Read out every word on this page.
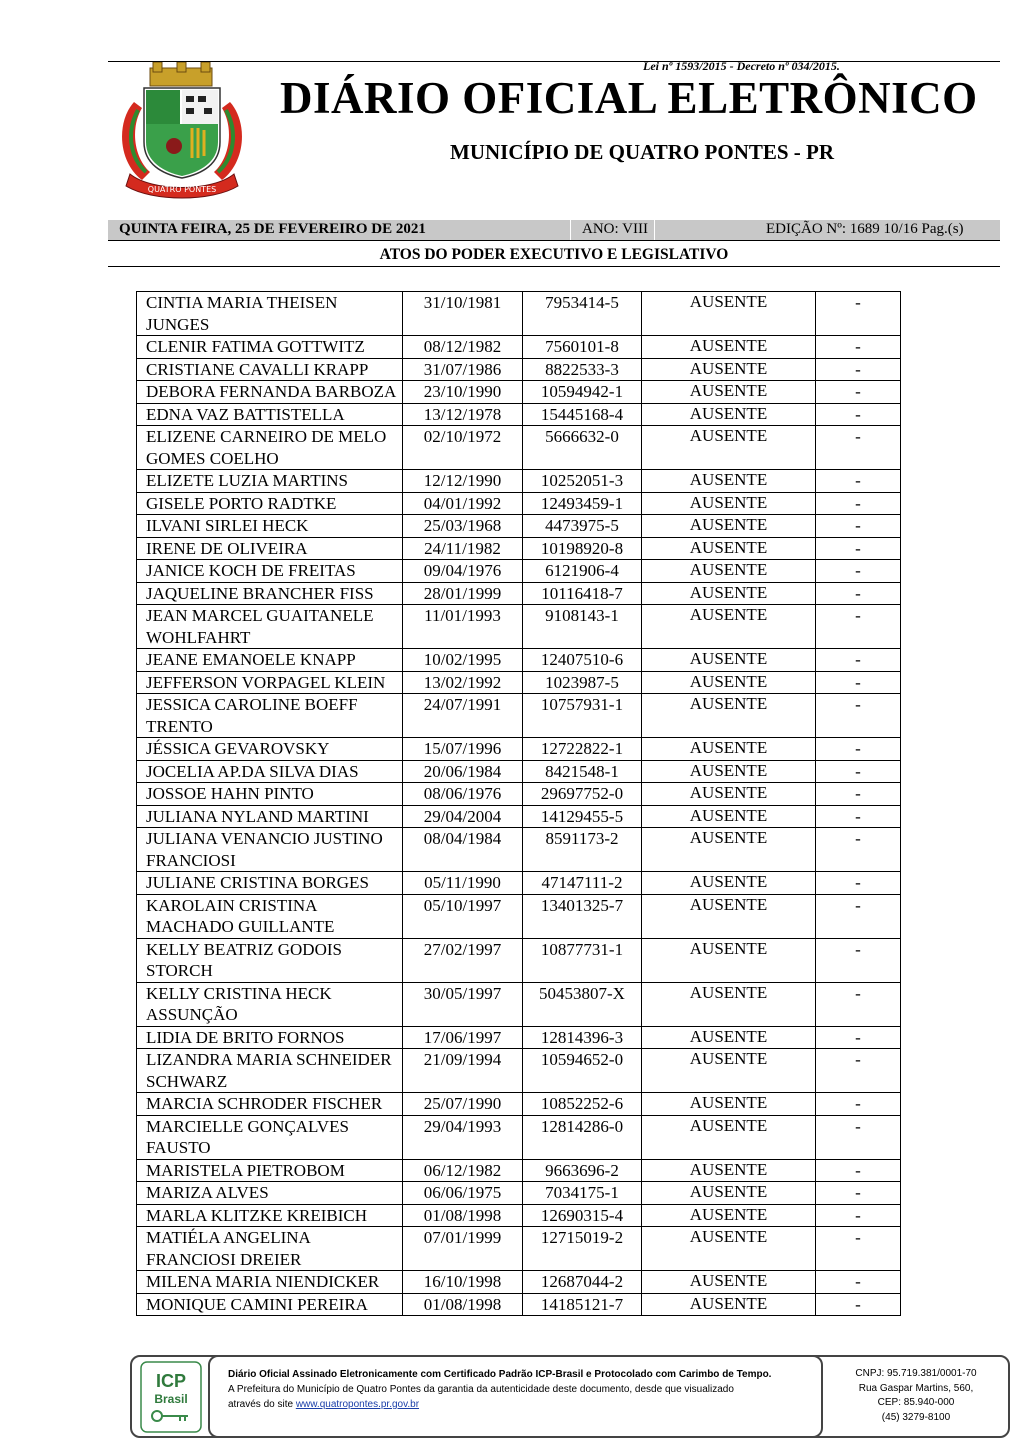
Lei nº 1593/2015 - Decreto nº 034/2015.
QUATRO PONTES
DIÁRIO OFICIAL ELETRÔNICO
MUNICÍPIO DE QUATRO PONTES - PR
QUINTA FEIRA, 25 DE FEVEREIRO DE 2021	ANO: VIII	EDIÇÃO Nº: 1689 10/16 Pag.(s)
ATOS DO PODER EXECUTIVO E LEGISLATIVO
CINTIA MARIA THEISEN JUNGES	31/10/1981	7953414-5	AUSENTE	-
CLENIR FATIMA GOTTWITZ	08/12/1982	7560101-8	AUSENTE	-
CRISTIANE CAVALLI KRAPP	31/07/1986	8822533-3	AUSENTE	-
DEBORA FERNANDA BARBOZA	23/10/1990	10594942-1	AUSENTE	-
EDNA VAZ BATTISTELLA	13/12/1978	15445168-4	AUSENTE	-
ELIZENE CARNEIRO DE MELO GOMES COELHO	02/10/1972	5666632-0	AUSENTE	-
ELIZETE LUZIA MARTINS	12/12/1990	10252051-3	AUSENTE	-
GISELE PORTO RADTKE	04/01/1992	12493459-1	AUSENTE	-
ILVANI SIRLEI HECK	25/03/1968	4473975-5	AUSENTE	-
IRENE DE OLIVEIRA	24/11/1982	10198920-8	AUSENTE	-
JANICE KOCH DE FREITAS	09/04/1976	6121906-4	AUSENTE	-
JAQUELINE BRANCHER FISS	28/01/1999	10116418-7	AUSENTE	-
JEAN MARCEL GUAITANELE WOHLFAHRT	11/01/1993	9108143-1	AUSENTE	-
JEANE EMANOELE KNAPP	10/02/1995	12407510-6	AUSENTE	-
JEFFERSON VORPAGEL KLEIN	13/02/1992	1023987-5	AUSENTE	-
JESSICA CAROLINE BOEFF TRENTO	24/07/1991	10757931-1	AUSENTE	-
JÉSSICA GEVAROVSKY	15/07/1996	12722822-1	AUSENTE	-
JOCELIA AP.DA SILVA DIAS	20/06/1984	8421548-1	AUSENTE	-
JOSSOE HAHN PINTO	08/06/1976	29697752-0	AUSENTE	-
JULIANA NYLAND MARTINI	29/04/2004	14129455-5	AUSENTE	-
JULIANA VENANCIO JUSTINO FRANCIOSI	08/04/1984	8591173-2	AUSENTE	-
JULIANE CRISTINA BORGES	05/11/1990	47147111-2	AUSENTE	-
KAROLAIN CRISTINA MACHADO GUILLANTE	05/10/1997	13401325-7	AUSENTE	-
KELLY BEATRIZ GODOIS STORCH	27/02/1997	10877731-1	AUSENTE	-
KELLY CRISTINA HECK ASSUNÇÃO	30/05/1997	50453807-X	AUSENTE	-
LIDIA DE BRITO FORNOS	17/06/1997	12814396-3	AUSENTE	-
LIZANDRA MARIA SCHNEIDER SCHWARZ	21/09/1994	10594652-0	AUSENTE	-
MARCIA SCHRODER FISCHER	25/07/1990	10852252-6	AUSENTE	-
MARCIELLE GONÇALVES FAUSTO	29/04/1993	12814286-0	AUSENTE	-
MARISTELA PIETROBOM	06/12/1982	9663696-2	AUSENTE	-
MARIZA ALVES	06/06/1975	7034175-1	AUSENTE	-
MARLA KLITZKE KREIBICH	01/08/1998	12690315-4	AUSENTE	-
MATIÉLA ANGELINA FRANCIOSI DREIER	07/01/1999	12715019-2	AUSENTE	-
MILENA MARIA NIENDICKER	16/10/1998	12687044-2	AUSENTE	-
MONIQUE CAMINI PEREIRA	01/08/1998	14185121-7	AUSENTE	-
ICP
Brasil
Diário Oficial Assinado Eletronicamente com Certificado Padrão ICP-Brasil e Protocolado com Carimbo de Tempo.
A Prefeitura do Município de Quatro Pontes da garantia da autenticidade deste documento, desde que visualizado
através do site www.quatropontes.pr.gov.br
CNPJ: 95.719.381/0001-70
Rua Gaspar Martins, 560,
CEP: 85.940-000
(45) 3279-8100
